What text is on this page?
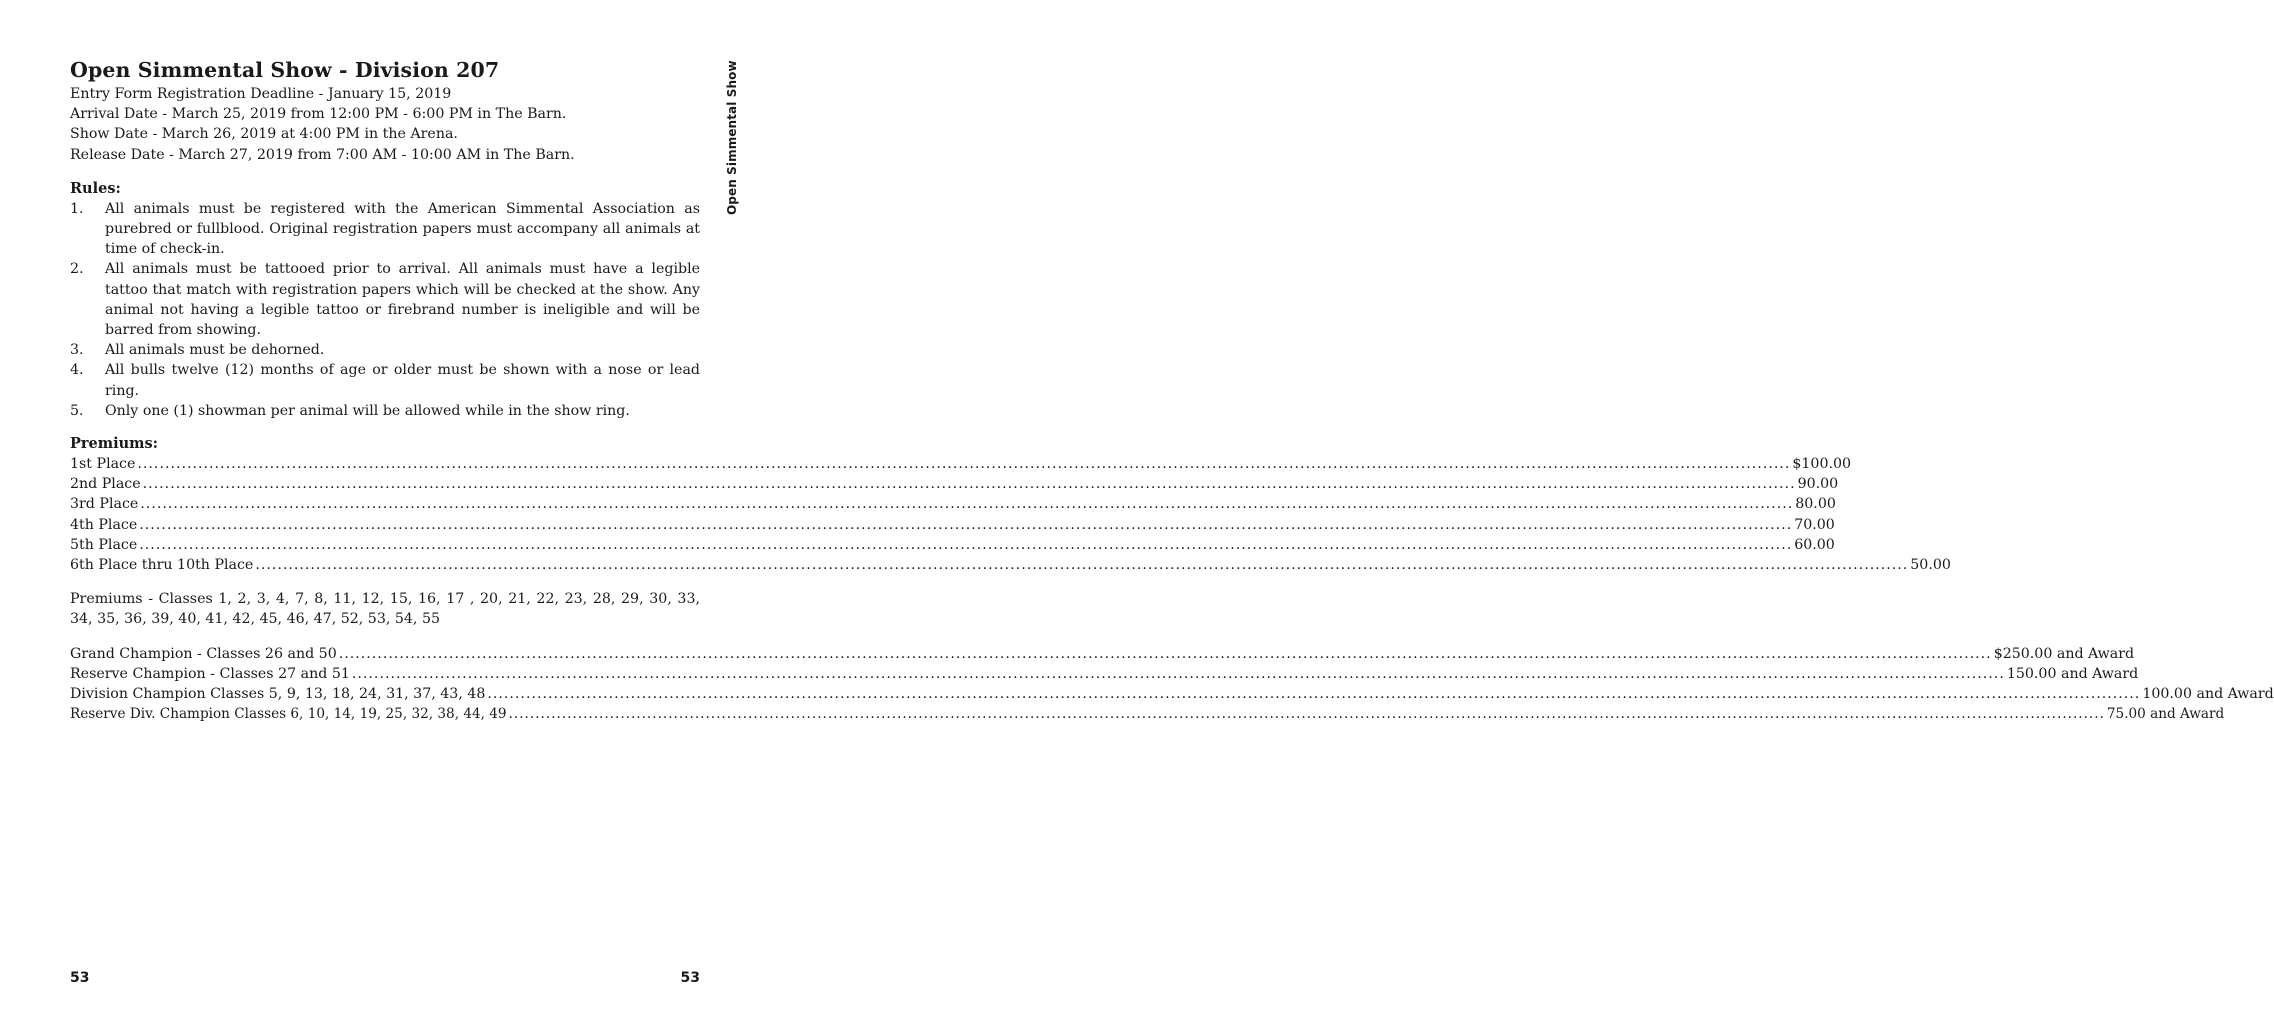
Open Simmental Show
Open Simmental Show - Division 207
Entry Form Registration Deadline - January 15, 2019
Arrival Date - March 25, 2019 from 12:00 PM - 6:00 PM in The Barn.
Show Date - March 26, 2019 at 4:00 PM in the Arena.
Release Date - March 27, 2019 from 7:00 AM - 10:00 AM in The Barn.
Rules:
1.	All animals must be registered with the American Simmental Association as purebred or fullblood. Original registration papers must accompany all animals at time of check-in.
2.	All animals must be tattooed prior to arrival. All animals must have a legible tattoo that match with registration papers which will be checked at the show. Any animal not having a legible tattoo or firebrand number is ineligible and will be barred from showing.
3.	All animals must be dehorned.
4.	All bulls twelve (12) months of age or older must be shown with a nose or lead ring.
5.	Only one (1) showman per animal will be allowed while in the show ring.
Premiums:
1st Place ............................................................................................................................................................................................................................................................................................................ $100.00
2nd Place ............................................................................................................................................................................................................................................................................................................ 90.00
3rd Place ............................................................................................................................................................................................................................................................................................................ 80.00
4th Place ............................................................................................................................................................................................................................................................................................................ 70.00
5th Place ............................................................................................................................................................................................................................................................................................................ 60.00
6th Place thru 10th Place ............................................................................................................................................................................................................................................................................................................ 50.00
Premiums - Classes 1, 2, 3, 4, 7, 8, 11, 12, 15, 16, 17 , 20, 21, 22, 23, 28, 29, 30, 33, 34, 35, 36, 39, 40, 41, 42, 45, 46, 47, 52, 53, 54, 55
Grand Champion - Classes 26 and 50 ............................................................................................................................................................................................................................................................................................................ $250.00 and Award
Reserve Champion - Classes 27 and 51 ............................................................................................................................................................................................................................................................................................................ 150.00 and Award
Division Champion Classes 5, 9, 13, 18, 24, 31, 37, 43, 48 ............................................................................................................................................................................................................................................................................................................ 100.00 and Award
Reserve Div. Champion Classes 6, 10, 14, 19, 25, 32, 38, 44, 49 ............................................................................................................................................................................................................................................................................................................ 75.00 and Award
53	53
